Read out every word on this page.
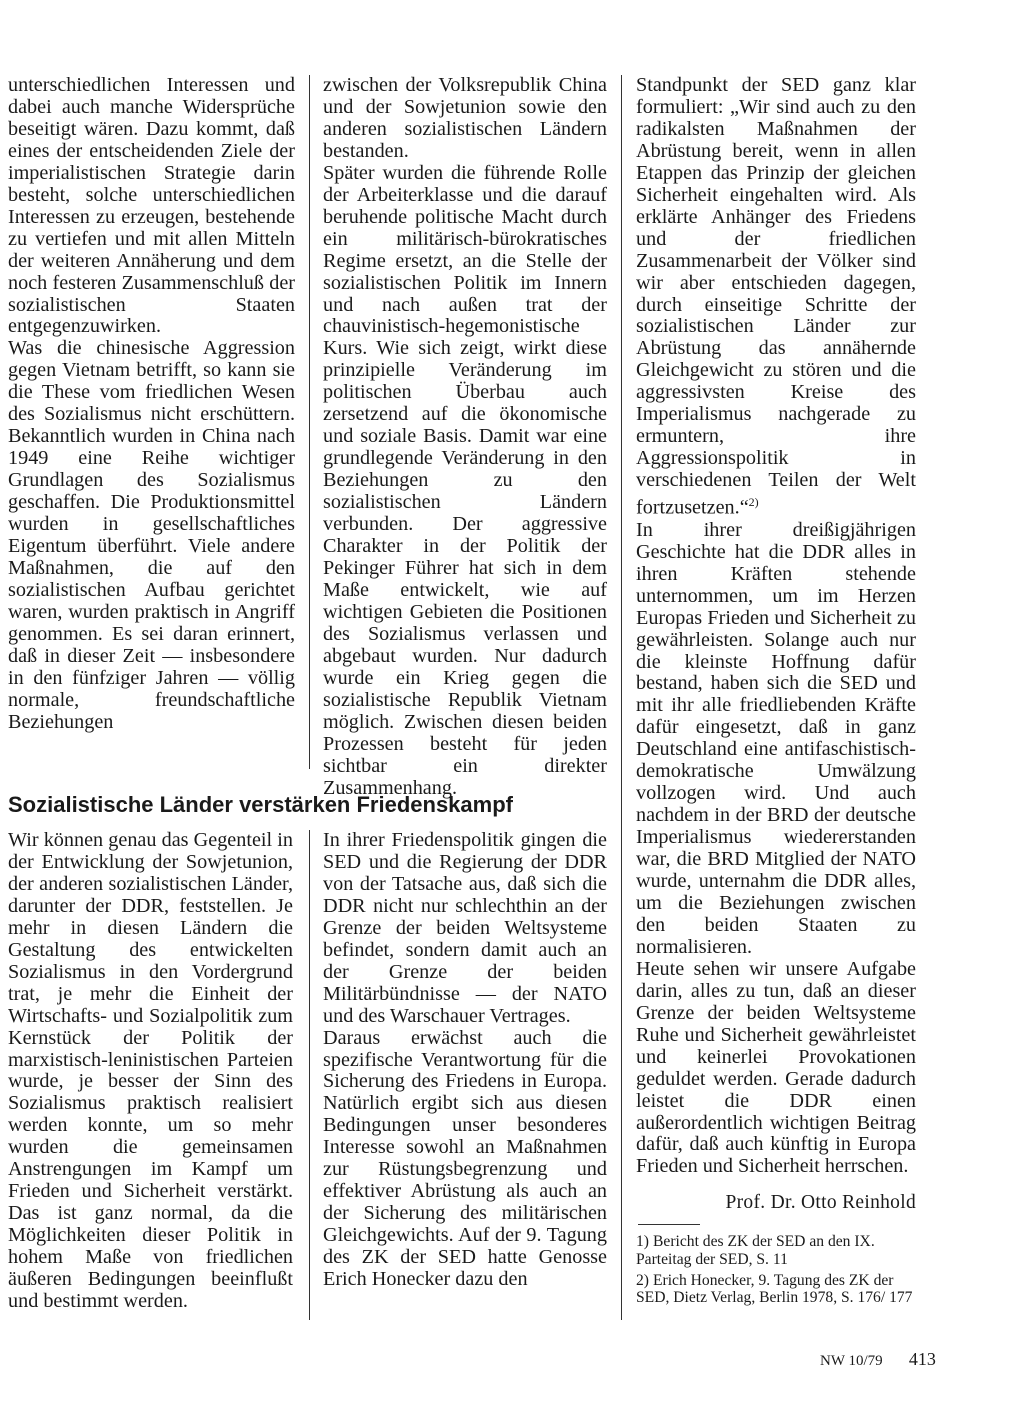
unterschiedlichen Interessen und dabei auch manche Widersprüche beseitigt wären. Dazu kommt, daß eines der entscheidenden Ziele der imperialistischen Strategie darin besteht, solche unterschiedlichen Interessen zu erzeugen, bestehende zu vertiefen und mit allen Mitteln der weiteren Annäherung und dem noch festeren Zusammenschluß der sozialistischen Staaten entgegenzuwirken.

Was die chinesische Aggression gegen Vietnam betrifft, so kann sie die These vom friedlichen Wesen des Sozialismus nicht erschüttern. Bekanntlich wurden in China nach 1949 eine Reihe wichtiger Grundlagen des Sozialismus geschaffen. Die Produktionsmittel wurden in gesellschaftliches Eigentum überführt. Viele andere Maßnahmen, die auf den sozialistischen Aufbau gerichtet waren, wurden praktisch in Angriff genommen. Es sei daran erinnert, daß in dieser Zeit — insbesondere in den fünfziger Jahren — völlig normale, freundschaftliche Beziehungen

zwischen der Volksrepublik China und der Sowjetunion sowie den anderen sozialistischen Ländern bestanden.

Später wurden die führende Rolle der Arbeiterklasse und die darauf beruhende politische Macht durch ein militärisch-bürokratisches Regime ersetzt, an die Stelle der sozialistischen Politik im Innern und nach außen trat der chauvinistisch-hegemonistische Kurs. Wie sich zeigt, wirkt diese prinzipielle Veränderung im politischen Überbau auch zersetzend auf die ökonomische und soziale Basis. Damit war eine grundlegende Veränderung in den Beziehungen zu den sozialistischen Ländern verbunden. Der aggressive Charakter in der Politik der Pekinger Führer hat sich in dem Maße entwickelt, wie auf wichtigen Gebieten die Positionen des Sozialismus verlassen und abgebaut wurden. Nur dadurch wurde ein Krieg gegen die sozialistische Republik Vietnam möglich. Zwischen diesen beiden Prozessen besteht für jeden sichtbar ein direkter Zusammenhang.

Sozialistische Länder verstärken Friedenskampf

Wir können genau das Gegenteil in der Entwicklung der Sowjetunion, der anderen sozialistischen Länder, darunter der DDR, feststellen. Je mehr in diesen Ländern die Gestaltung des entwickelten Sozialismus in den Vordergrund trat, je mehr die Einheit der Wirtschafts- und Sozialpolitik zum Kernstück der Politik der marxistisch-leninistischen Parteien wurde, je besser der Sinn des Sozialismus praktisch realisiert werden konnte, um so mehr wurden die gemeinsamen Anstrengungen im Kampf um Frieden und Sicherheit verstärkt. Das ist ganz normal, da die Möglichkeiten dieser Politik in hohem Maße von friedlichen äußeren Bedingungen beeinflußt und bestimmt werden.

In ihrer Friedenspolitik gingen die SED und die Regierung der DDR von der Tatsache aus, daß sich die DDR nicht nur schlechthin an der Grenze der beiden Weltsysteme befindet, sondern damit auch an der Grenze der beiden Militärbündnisse — der NATO und des Warschauer Vertrages.

Daraus erwächst auch die spezifische Verantwortung für die Sicherung des Friedens in Europa. Natürlich ergibt sich aus diesen Bedingungen unser besonderes Interesse sowohl an Maßnahmen zur Rüstungsbegrenzung und effektiver Abrüstung als auch an der Sicherung des militärischen Gleichgewichts. Auf der 9. Tagung des ZK der SED hatte Genosse Erich Honecker dazu den

Standpunkt der SED ganz klar formuliert: „Wir sind auch zu den radikalsten Maßnahmen der Abrüstung bereit, wenn in allen Etappen das Prinzip der gleichen Sicherheit eingehalten wird. Als erklärte Anhänger des Friedens und der friedlichen Zusammenarbeit der Völker sind wir aber entschieden dagegen, durch einseitige Schritte der sozialistischen Länder zur Abrüstung das annähernde Gleichgewicht zu stören und die aggressivsten Kreise des Imperialismus nachgerade zu ermuntern, ihre Aggressionspolitik in verschiedenen Teilen der Welt fortzusetzen.“$^{2)}$

In ihrer dreißigjährigen Geschichte hat die DDR alles in ihren Kräften stehende unternommen, um im Herzen Europas Frieden und Sicherheit zu gewährleisten. Solange auch nur die kleinste Hoffnung dafür bestand, haben sich die SED und mit ihr alle friedliebenden Kräfte dafür eingesetzt, daß in ganz Deutschland eine antifaschistisch-demokratische Umwälzung vollzogen wird. Und auch nachdem in der BRD der deutsche Imperialismus wiedererstanden war, die BRD Mitglied der NATO wurde, unternahm die DDR alles, um die Beziehungen zwischen den beiden Staaten zu normalisieren.

Heute sehen wir unsere Aufgabe darin, alles zu tun, daß an dieser Grenze der beiden Weltsysteme Ruhe und Sicherheit gewährleistet und keinerlei Provokationen geduldet werden. Gerade dadurch leistet die DDR einen außerordentlich wichtigen Beitrag dafür, daß auch künftig in Europa Frieden und Sicherheit herrschen.

Prof. Dr. Otto Reinhold

1) Bericht des ZK der SED an den IX. Parteitag der SED, S. 11

2) Erich Honecker, 9. Tagung des ZK der SED, Dietz Verlag, Berlin 1978, S. 176/ 177

NW 10/79 413
